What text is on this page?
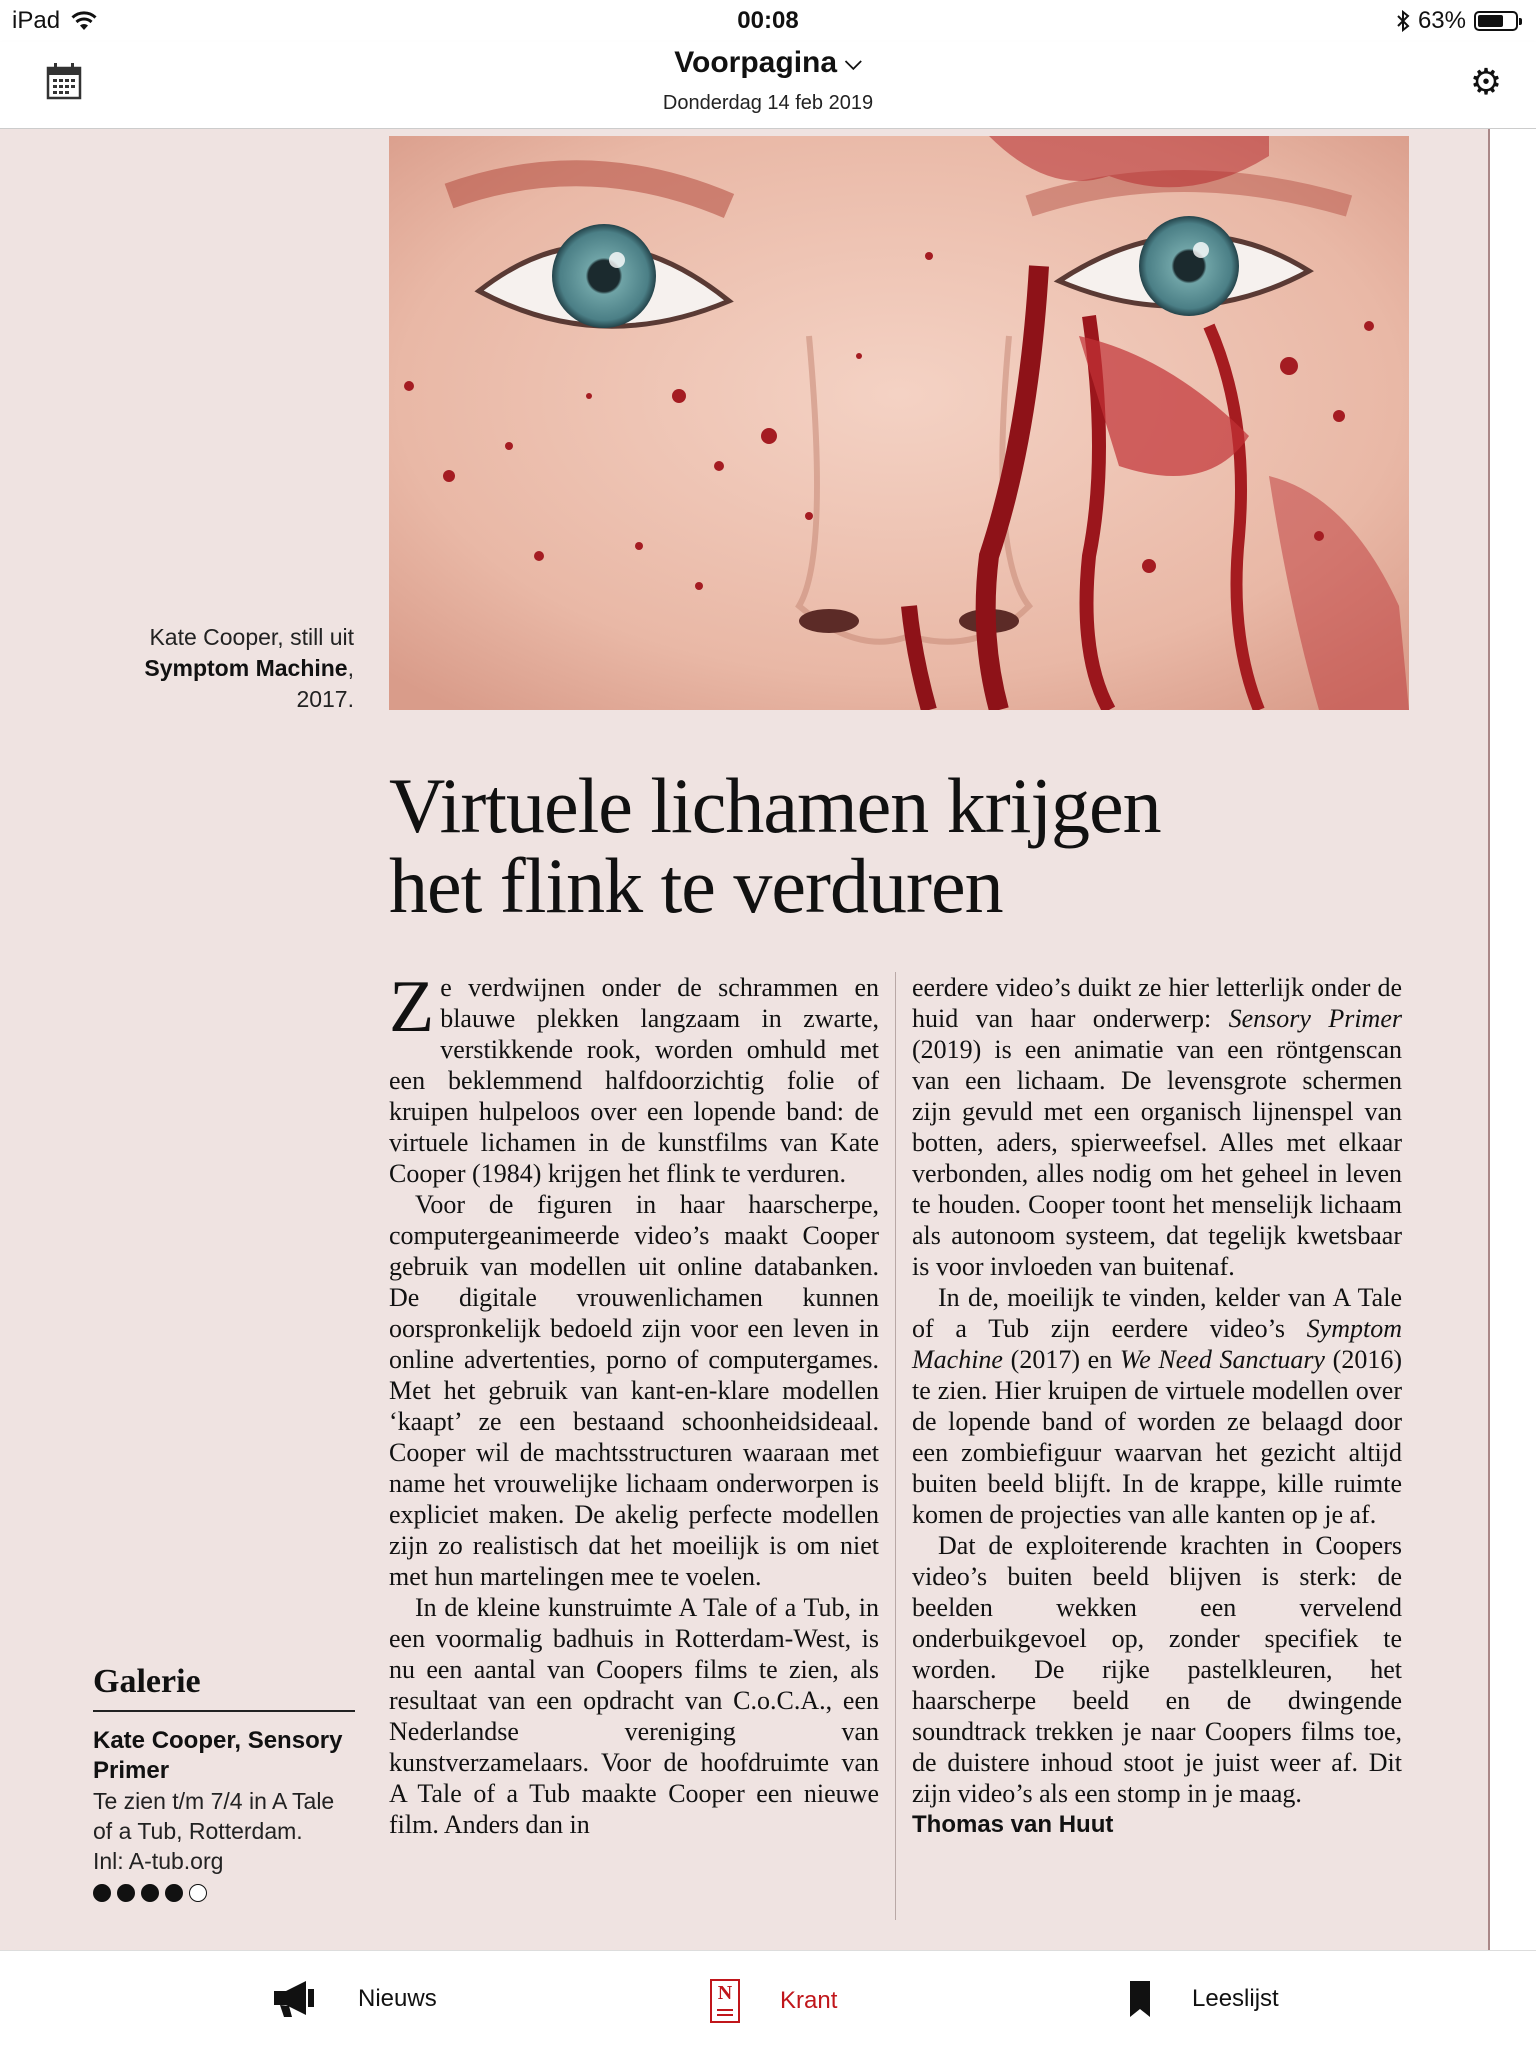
iPad	00:08	63%
Voorpagina ⌵
Donderdag 14 feb 2019
⚙
Kate Cooper, still uit
Symptom Machine,
2017.
Virtuele lichamen krijgen
het flink te verduren

Ze verdwijnen onder de schrammen en blauwe plekken langzaam in zwarte, verstikkende rook, worden omhuld met een beklemmend halfdoorzichtig folie of kruipen hulpeloos over een lopende band: de virtuele lichamen in de kunstfilms van Kate Cooper (1984) krijgen het flink te verduren.

Voor de figuren in haar haarscherpe, computergeanimeerde video’s maakt Cooper gebruik van modellen uit online databanken. De digitale vrouwenlichamen kunnen oorspronkelijk bedoeld zijn voor een leven in online advertenties, porno of computergames. Met het gebruik van kant-en-klare modellen ‘kaapt’ ze een bestaand schoonheidsideaal. Cooper wil de machtsstructuren waaraan met name het vrouwelijke lichaam onderworpen is expliciet maken. De akelig perfecte modellen zijn zo realistisch dat het moeilijk is om niet met hun martelingen mee te voelen.

In de kleine kunstruimte A Tale of a Tub, in een voormalig badhuis in Rotterdam-West, is nu een aantal van Coopers films te zien, als resultaat van een opdracht van C.o.C.A., een Nederlandse vereniging van kunstverzamelaars. Voor de hoofdruimte van A Tale of a Tub maakte Cooper een nieuwe film. Anders dan in

eerdere video’s duikt ze hier letterlijk onder de huid van haar onderwerp: Sensory Primer (2019) is een animatie van een röntgenscan van een lichaam. De levensgrote schermen zijn gevuld met een organisch lijnenspel van botten, aders, spierweefsel. Alles met elkaar verbonden, alles nodig om het geheel in leven te houden. Cooper toont het menselijk lichaam als autonoom systeem, dat tegelijk kwetsbaar is voor invloeden van buitenaf.

In de, moeilijk te vinden, kelder van A Tale of a Tub zijn eerdere video’s Symptom Machine (2017) en We Need Sanctuary (2016) te zien. Hier kruipen de virtuele modellen over de lopende band of worden ze belaagd door een zombiefiguur waarvan het gezicht altijd buiten beeld blijft. In de krappe, kille ruimte komen de projecties van alle kanten op je af.

Dat de exploiterende krachten in Coopers video’s buiten beeld blijven is sterk: de beelden wekken een vervelend onderbuikgevoel op, zonder specifiek te worden. De rijke pastelkleuren, het haarscherpe beeld en de dwingende soundtrack trekken je naar Coopers films toe, de duistere inhoud stoot je juist weer af. Dit zijn video’s als een stomp in je maag.

Thomas van Huut

Galerie
Kate Cooper, Sensory Primer
Te zien t/m 7/4 in A Tale of a Tub, Rotterdam.
Inl: A-tub.org
Nieuws	N	Krant	Leeslijst
